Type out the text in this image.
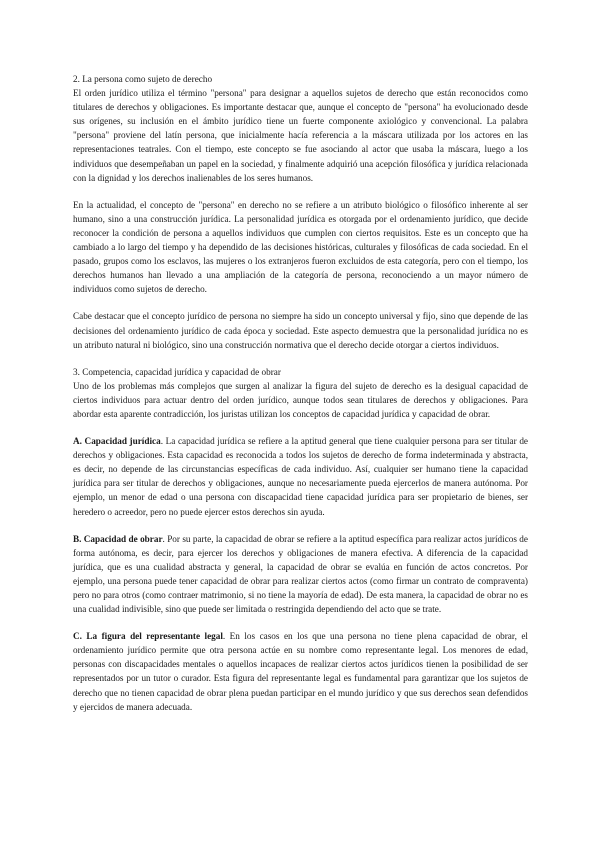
2. La persona como sujeto de derecho

El orden jurídico utiliza el término "persona" para designar a aquellos sujetos de derecho que están reconocidos como titulares de derechos y obligaciones. Es importante destacar que, aunque el concepto de "persona" ha evolucionado desde sus orígenes, su inclusión en el ámbito jurídico tiene un fuerte componente axiológico y convencional. La palabra "persona" proviene del latín persona, que inicialmente hacía referencia a la máscara utilizada por los actores en las representaciones teatrales. Con el tiempo, este concepto se fue asociando al actor que usaba la máscara, luego a los individuos que desempeñaban un papel en la sociedad, y finalmente adquirió una acepción filosófica y jurídica relacionada con la dignidad y los derechos inalienables de los seres humanos.

En la actualidad, el concepto de "persona" en derecho no se refiere a un atributo biológico o filosófico inherente al ser humano, sino a una construcción jurídica. La personalidad jurídica es otorgada por el ordenamiento jurídico, que decide reconocer la condición de persona a aquellos individuos que cumplen con ciertos requisitos. Este es un concepto que ha cambiado a lo largo del tiempo y ha dependido de las decisiones históricas, culturales y filosóficas de cada sociedad. En el pasado, grupos como los esclavos, las mujeres o los extranjeros fueron excluidos de esta categoría, pero con el tiempo, los derechos humanos han llevado a una ampliación de la categoría de persona, reconociendo a un mayor número de individuos como sujetos de derecho.

Cabe destacar que el concepto jurídico de persona no siempre ha sido un concepto universal y fijo, sino que depende de las decisiones del ordenamiento jurídico de cada época y sociedad. Este aspecto demuestra que la personalidad jurídica no es un atributo natural ni biológico, sino una construcción normativa que el derecho decide otorgar a ciertos individuos.

3. Competencia, capacidad jurídica y capacidad de obrar

Uno de los problemas más complejos que surgen al analizar la figura del sujeto de derecho es la desigual capacidad de ciertos individuos para actuar dentro del orden jurídico, aunque todos sean titulares de derechos y obligaciones. Para abordar esta aparente contradicción, los juristas utilizan los conceptos de capacidad jurídica y capacidad de obrar.

A. Capacidad jurídica. La capacidad jurídica se refiere a la aptitud general que tiene cualquier persona para ser titular de derechos y obligaciones. Esta capacidad es reconocida a todos los sujetos de derecho de forma indeterminada y abstracta, es decir, no depende de las circunstancias específicas de cada individuo. Así, cualquier ser humano tiene la capacidad jurídica para ser titular de derechos y obligaciones, aunque no necesariamente pueda ejercerlos de manera autónoma. Por ejemplo, un menor de edad o una persona con discapacidad tiene capacidad jurídica para ser propietario de bienes, ser heredero o acreedor, pero no puede ejercer estos derechos sin ayuda.

B. Capacidad de obrar. Por su parte, la capacidad de obrar se refiere a la aptitud específica para realizar actos jurídicos de forma autónoma, es decir, para ejercer los derechos y obligaciones de manera efectiva. A diferencia de la capacidad jurídica, que es una cualidad abstracta y general, la capacidad de obrar se evalúa en función de actos concretos. Por ejemplo, una persona puede tener capacidad de obrar para realizar ciertos actos (como firmar un contrato de compraventa) pero no para otros (como contraer matrimonio, si no tiene la mayoría de edad). De esta manera, la capacidad de obrar no es una cualidad indivisible, sino que puede ser limitada o restringida dependiendo del acto que se trate.

C. La figura del representante legal. En los casos en los que una persona no tiene plena capacidad de obrar, el ordenamiento jurídico permite que otra persona actúe en su nombre como representante legal. Los menores de edad, personas con discapacidades mentales o aquellos incapaces de realizar ciertos actos jurídicos tienen la posibilidad de ser representados por un tutor o curador. Esta figura del representante legal es fundamental para garantizar que los sujetos de derecho que no tienen capacidad de obrar plena puedan participar en el mundo jurídico y que sus derechos sean defendidos y ejercidos de manera adecuada.
